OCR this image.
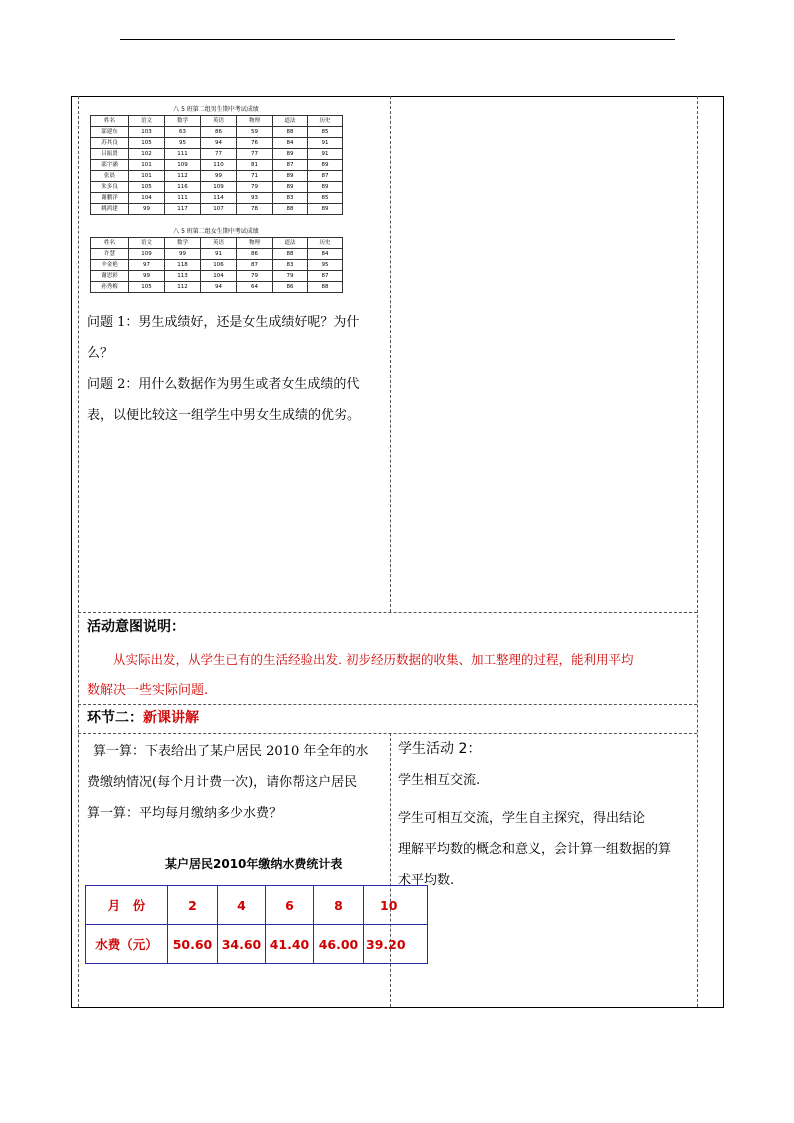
八 5 班第二组男生期中考试成绩
姓名	语文	数学	英语	物理	道法	历史
邬建东	103	63	86	59	88	85
苏其良	105	95	94	76	84	91
吕振贤	102	111	77	77	89	91
邵宇涵	101	109	110	81	87	89
张晨	101	112	99	71	89	87
朱多良	105	116	109	79	89	89
谢鹏洋	104	111	114	93	83	85
姚鸿建	99	117	107	78	88	89
八 5 班第二组女生期中考试成绩
姓名	语文	数学	英语	物理	道法	历史
许慧	109	99	91	86	88	84
辛金艳	97	118	106	87	83	95
谢思彩	99	113	104	79	79	87
孙秀梅	105	112	94	64	86	88
问题 1：男生成绩好，还是女生成绩好呢？为什
么？
问题 2：用什么数据作为男生或者女生成绩的代
表，以便比较这一组学生中男女生成绩的优劣。
活动意图说明：
从实际出发，从学生已有的生活经验出发. 初步经历数据的收集、加工整理的过程，能利用平均
数解决一些实际问题.
环节二：新课讲解
算一算：下表给出了某户居民 2010 年全年的水
费缴纳情况(每个月计费一次)，请你帮这户居民
算一算：平均每月缴纳多少水费？
某户居民2010年缴纳水费统计表
月　份	2	4	6	8	10
水费（元）	50.60	34.60	41.40	46.00	39.20
学生活动 2：
学生相互交流.
学生可相互交流，学生自主探究，得出结论
理解平均数的概念和意义，会计算一组数据的算
术平均数.
